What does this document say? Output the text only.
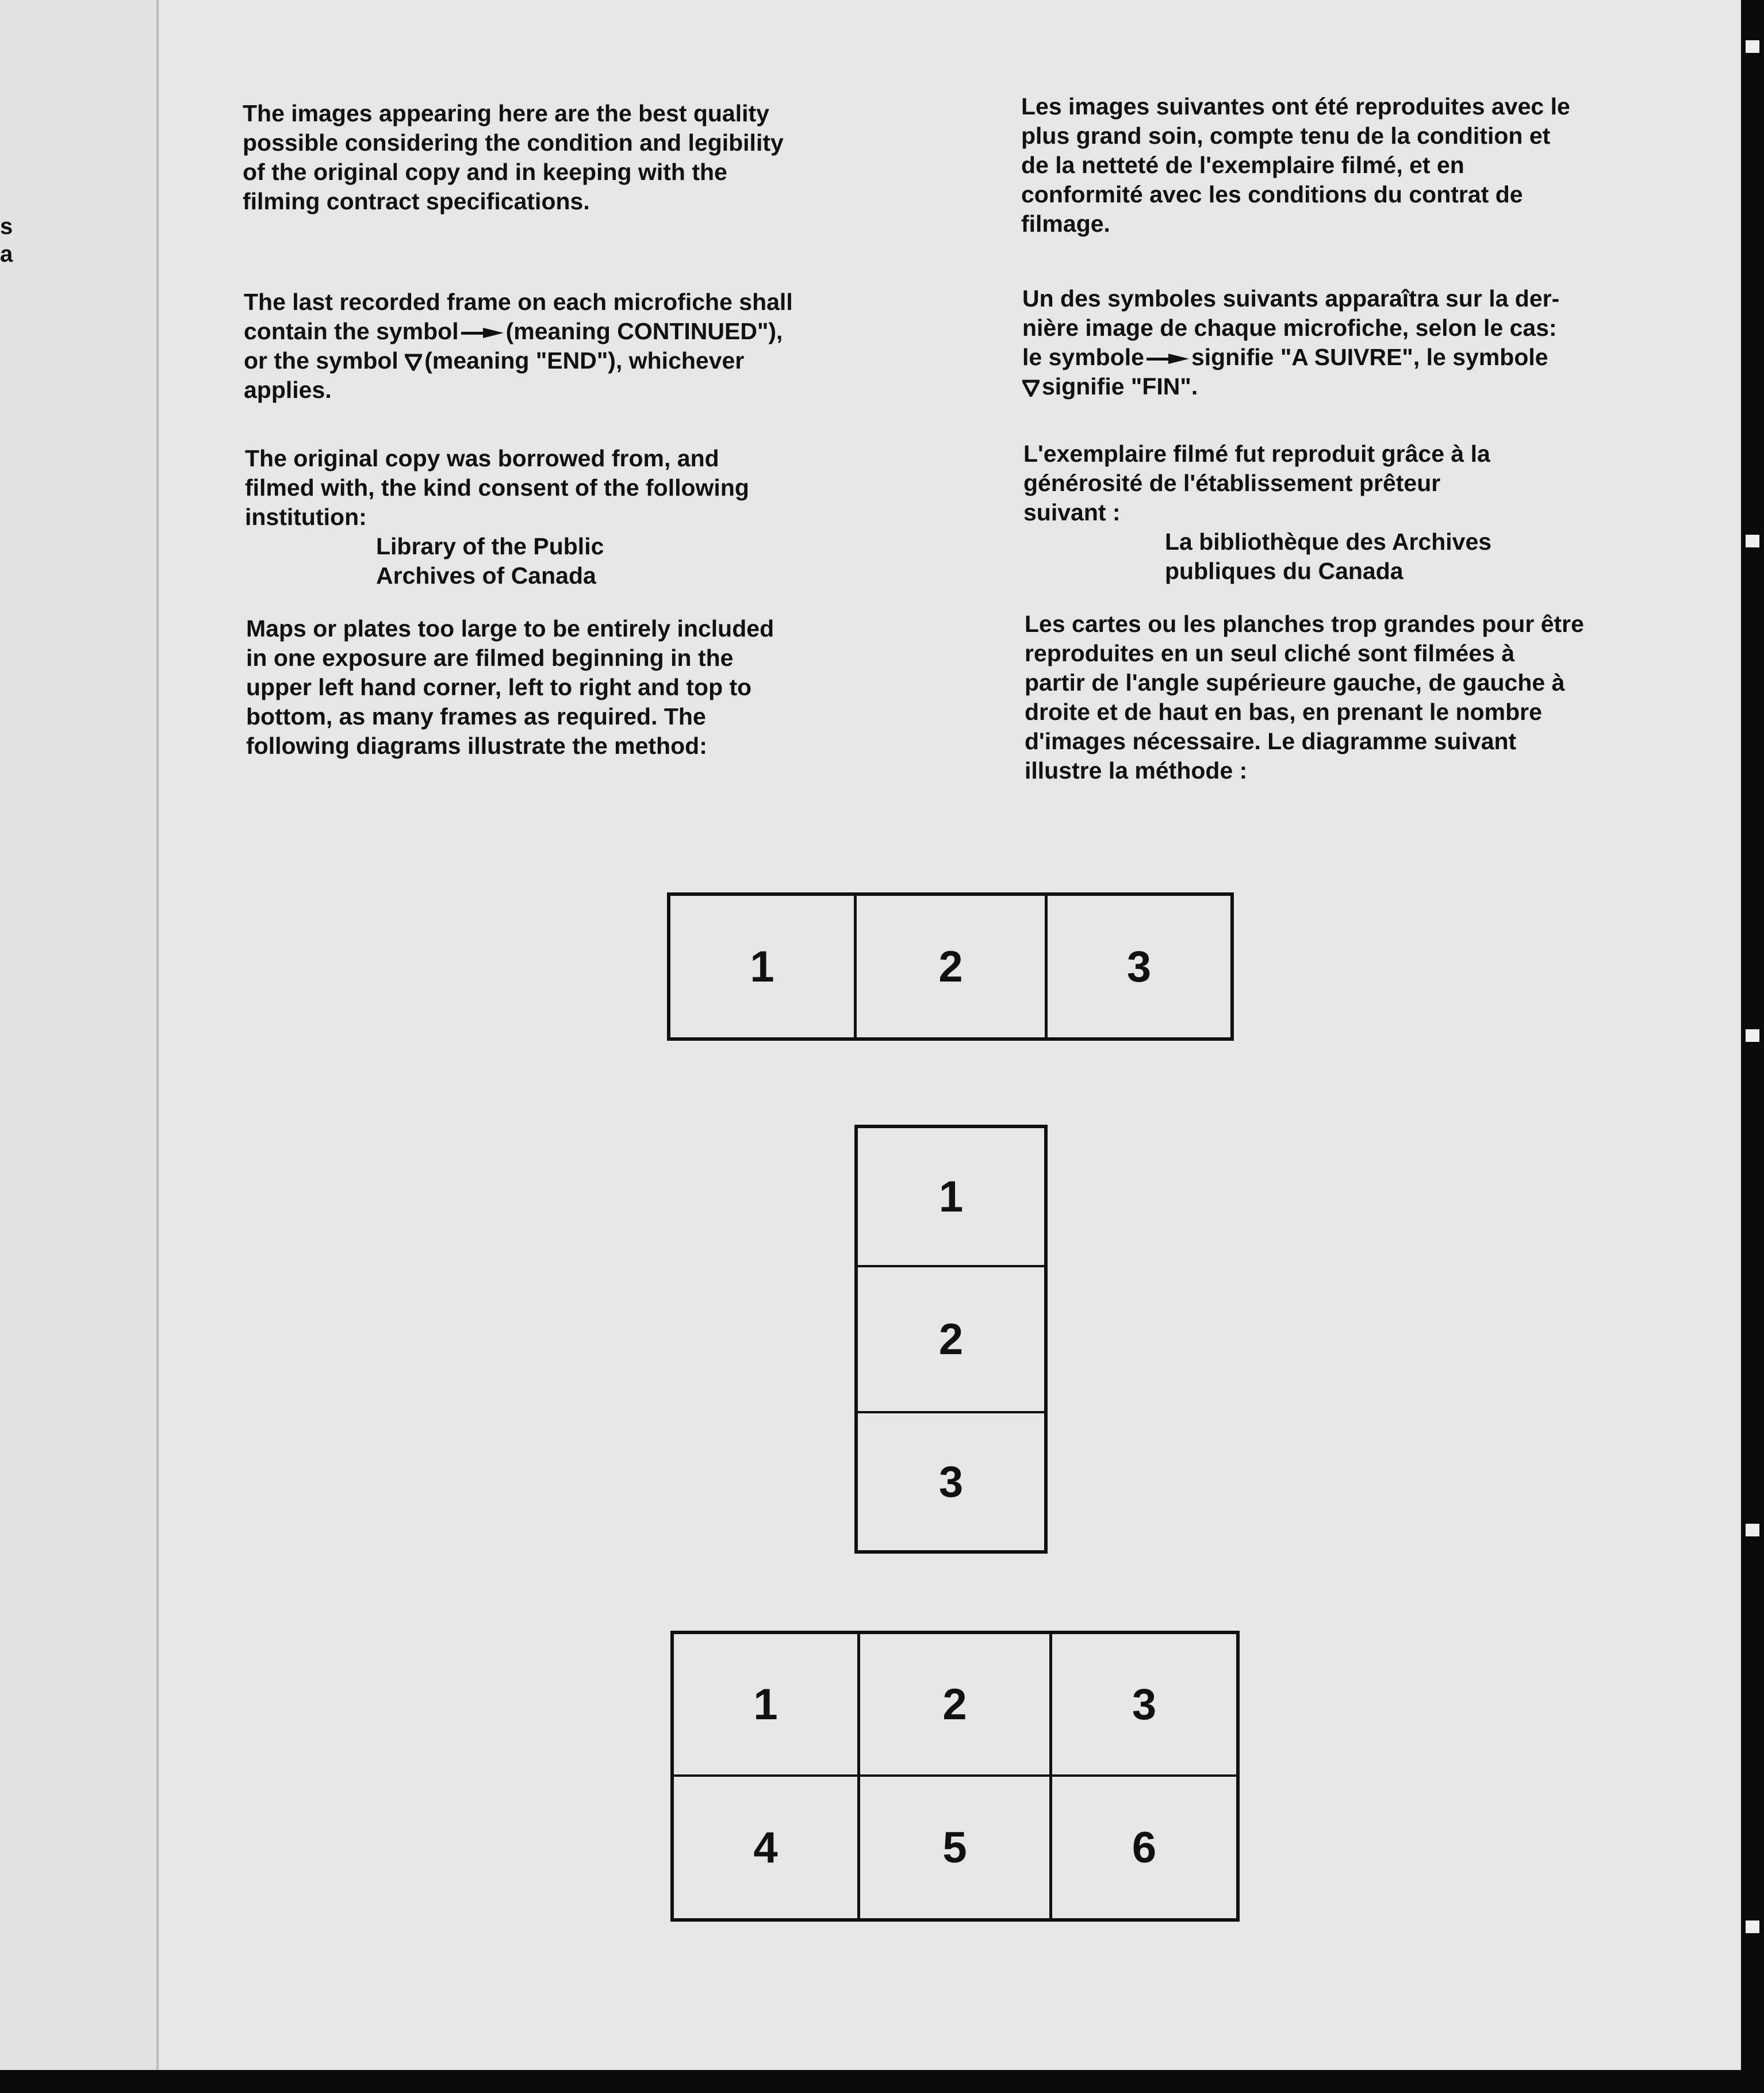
s
a

The images appearing here are the best quality

possible considering the condition and legibility

of the original copy and in keeping with the

filming contract specifications.

The last recorded frame on each microfiche shall

contain the symbol (meaning CONTINUED"),

or the symbol (meaning "END"), whichever

applies.

The original copy was borrowed from, and

filmed with, the kind consent of the following

institution:

Library of the Public

Archives of Canada

Maps or plates too large to be entirely included

in one exposure are filmed beginning in the

upper left hand corner, left to right and top to

bottom, as many frames as required. The

following diagrams illustrate the method:

Les images suivantes ont été reproduites avec le

plus grand soin, compte tenu de la condition et

de la netteté de l'exemplaire filmé, et en

conformité avec les conditions du contrat de

filmage.

Un des symboles suivants apparaîtra sur la der-

nière image de chaque microfiche, selon le cas:

le symbole signifie "A SUIVRE", le symbole

signifie "FIN".

L'exemplaire filmé fut reproduit grâce à la

générosité de l'établissement prêteur

suivant :

La bibliothèque des Archives

publiques du Canada

Les cartes ou les planches trop grandes pour être

reproduites en un seul cliché sont filmées à

partir de l'angle supérieure gauche, de gauche à

droite et de haut en bas, en prenant le nombre

d'images nécessaire. Le diagramme suivant

illustre la méthode :

1	2	3
1
2
3
1	2	3
4	5	6
